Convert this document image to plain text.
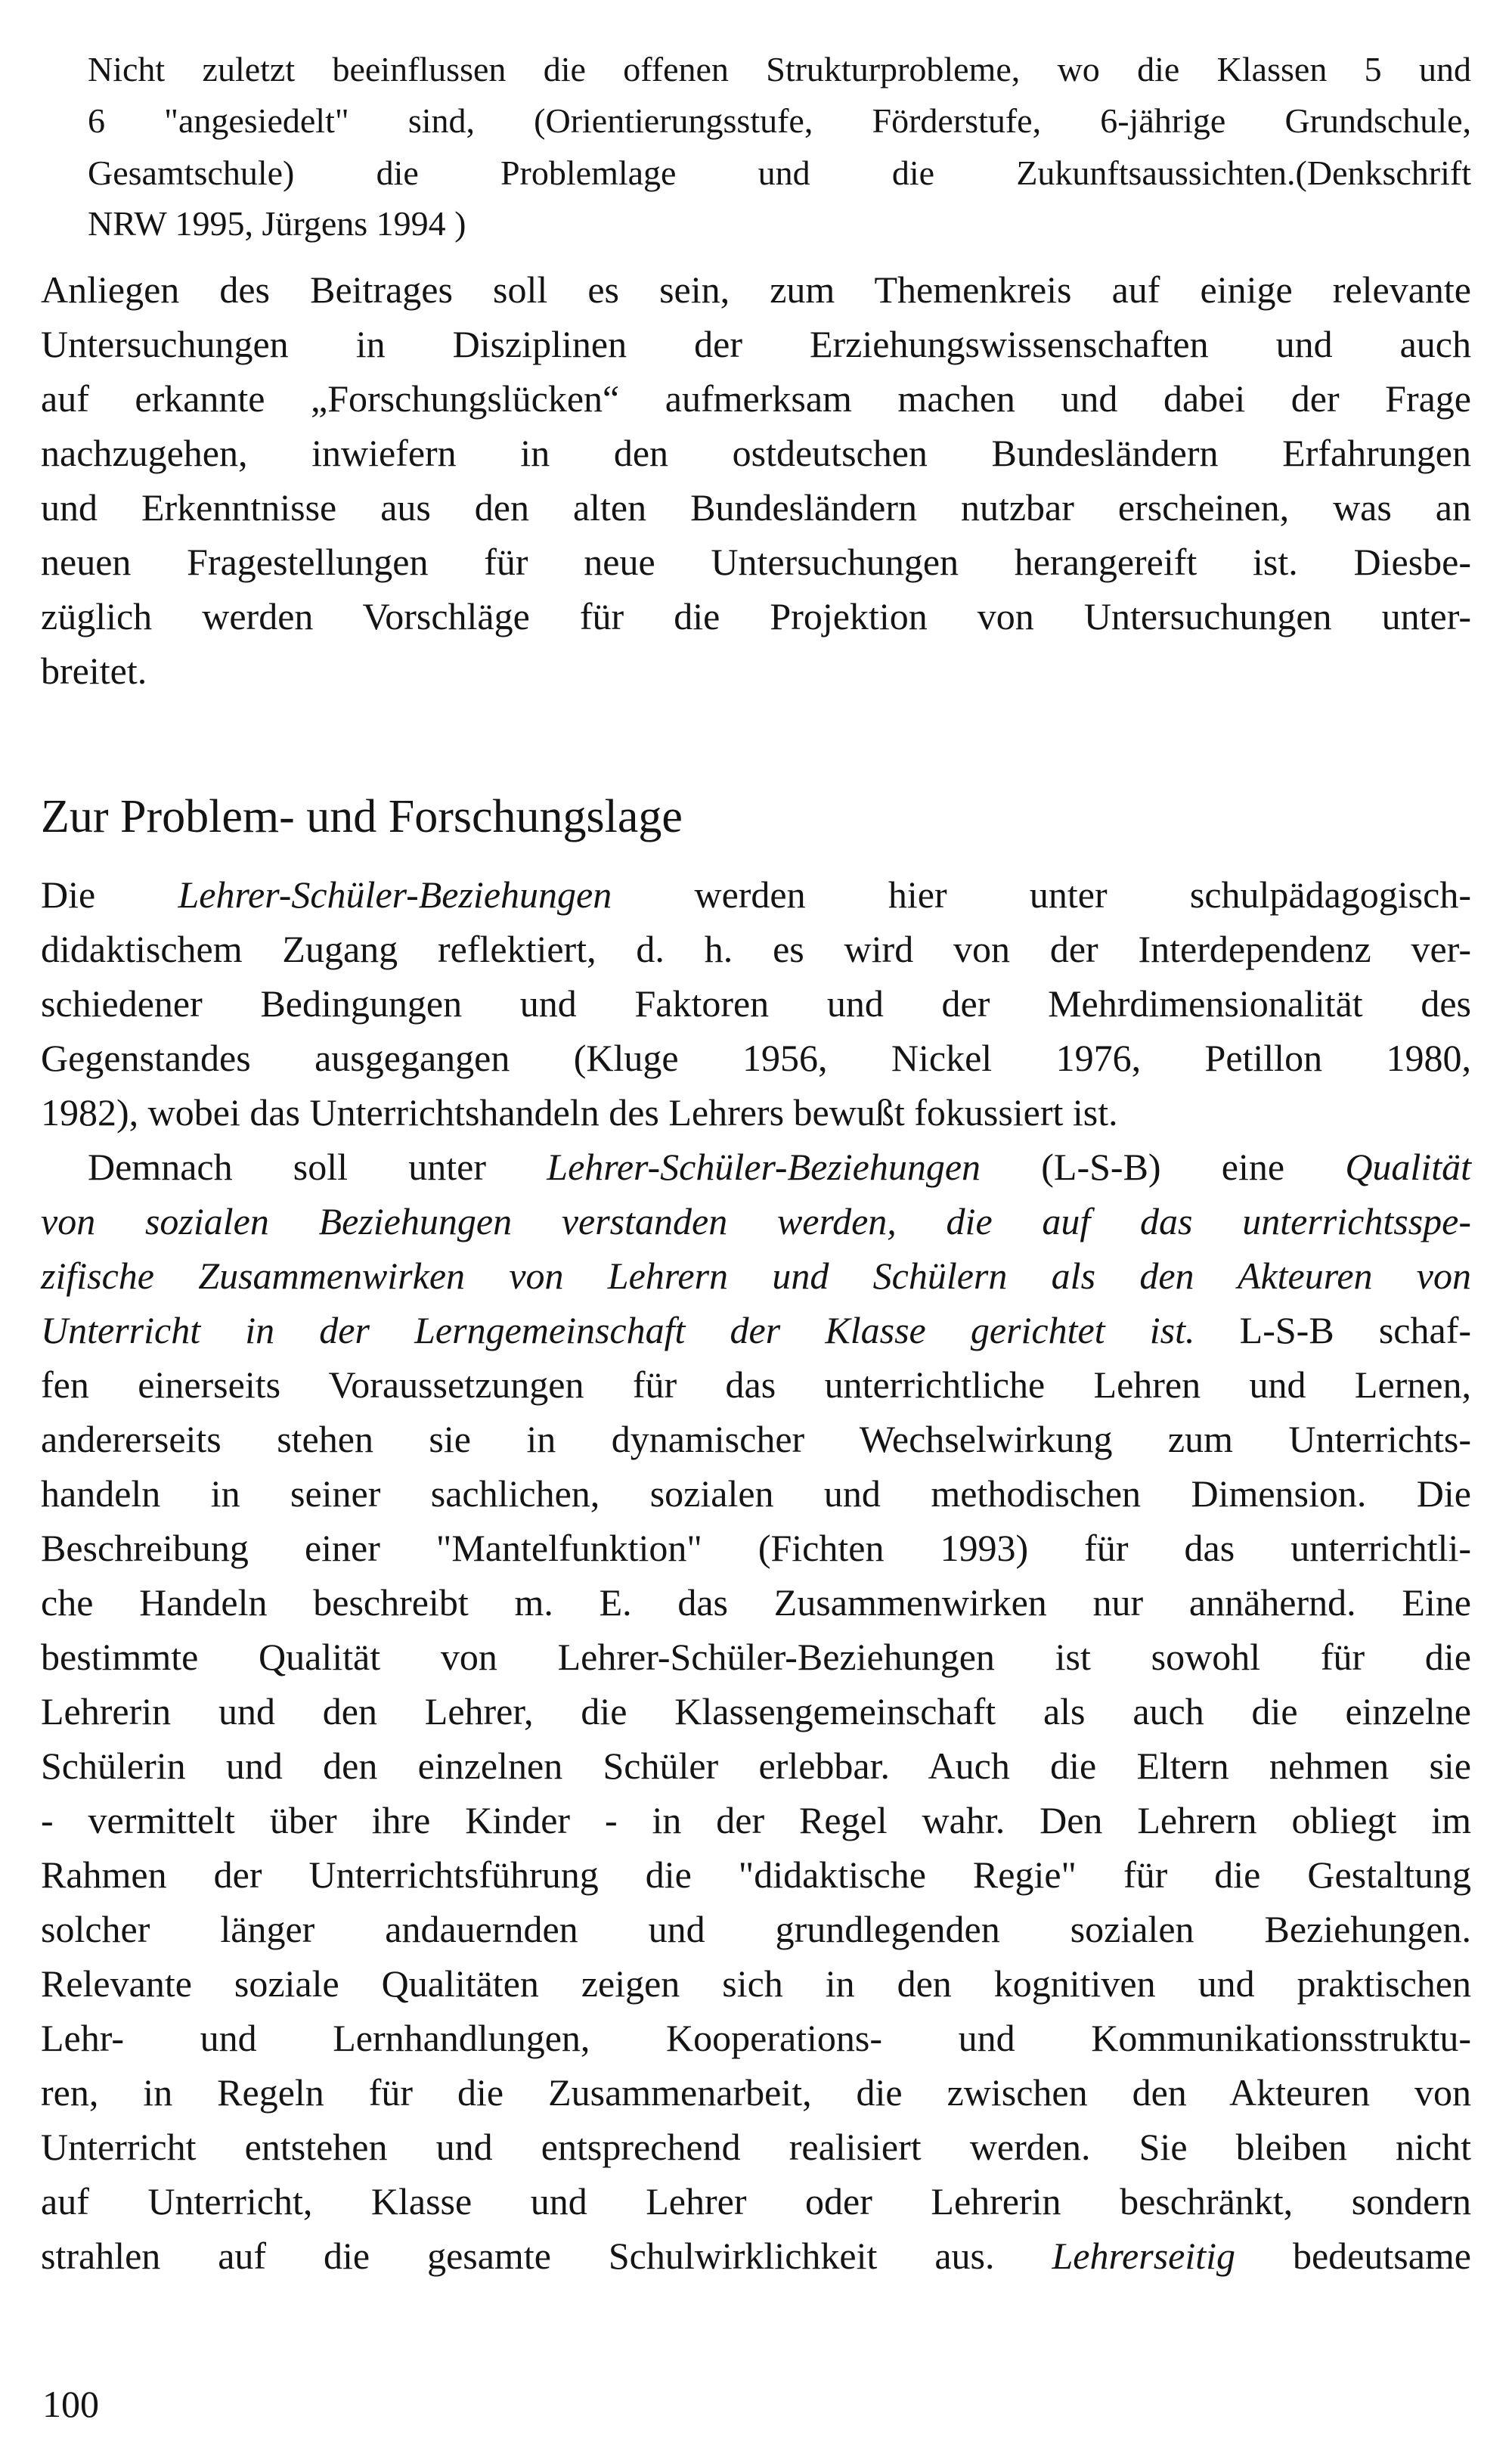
Nicht zuletzt beeinflussen die offenen Strukturprobleme, wo die Klassen 5 und

6 "angesiedelt" sind, (Orientierungsstufe, Förderstufe, 6-jährige Grundschule,

Gesamtschule) die Problemlage und die Zukunftsaussichten.(Denkschrift

NRW 1995, Jürgens 1994 )

Anliegen des Beitrages soll es sein, zum Themenkreis auf einige relevante

Untersuchungen in Disziplinen der Erziehungswissenschaften und auch

auf erkannte „Forschungslücken“ aufmerksam machen und dabei der Frage

nachzugehen, inwiefern in den ostdeutschen Bundesländern Erfahrungen

und Erkenntnisse aus den alten Bundesländern nutzbar erscheinen, was an

neuen Fragestellungen für neue Untersuchungen herangereift ist. Diesbe-

züglich werden Vorschläge für die Projektion von Untersuchungen unter-

breitet.

Zur Problem- und Forschungslage

Die Lehrer-Schüler-Beziehungen werden hier unter schulpädagogisch-

didaktischem Zugang reflektiert, d. h. es wird von der Interdependenz ver-

schiedener Bedingungen und Faktoren und der Mehrdimensionalität des

Gegenstandes ausgegangen (Kluge 1956, Nickel 1976, Petillon 1980,

1982), wobei das Unterrichtshandeln des Lehrers bewußt fokussiert ist.

Demnach soll unter Lehrer-Schüler-Beziehungen (L-S-B) eine Qualität

von sozialen Beziehungen verstanden werden, die auf das unterrichtsspe-

zifische Zusammenwirken von Lehrern und Schülern als den Akteuren von

Unterricht in der Lerngemeinschaft der Klasse gerichtet ist. L-S-B schaf-

fen einerseits Voraussetzungen für das unterrichtliche Lehren und Lernen,

andererseits stehen sie in dynamischer Wechselwirkung zum Unterrichts-

handeln in seiner sachlichen, sozialen und methodischen Dimension. Die

Beschreibung einer "Mantelfunktion" (Fichten 1993) für das unterrichtli-

che Handeln beschreibt m. E. das Zusammenwirken nur annähernd. Eine

bestimmte Qualität von Lehrer-Schüler-Beziehungen ist sowohl für die

Lehrerin und den Lehrer, die Klassengemeinschaft als auch die einzelne

Schülerin und den einzelnen Schüler erlebbar. Auch die Eltern nehmen sie

- vermittelt über ihre Kinder - in der Regel wahr. Den Lehrern obliegt im

Rahmen der Unterrichtsführung die "didaktische Regie" für die Gestaltung

solcher länger andauernden und grundlegenden sozialen Beziehungen.

Relevante soziale Qualitäten zeigen sich in den kognitiven und praktischen

Lehr- und Lernhandlungen, Kooperations- und Kommunikationsstruktu-

ren, in Regeln für die Zusammenarbeit, die zwischen den Akteuren von

Unterricht entstehen und entsprechend realisiert werden. Sie bleiben nicht

auf Unterricht, Klasse und Lehrer oder Lehrerin beschränkt, sondern

strahlen auf die gesamte Schulwirklichkeit aus. Lehrerseitig bedeutsame

100
